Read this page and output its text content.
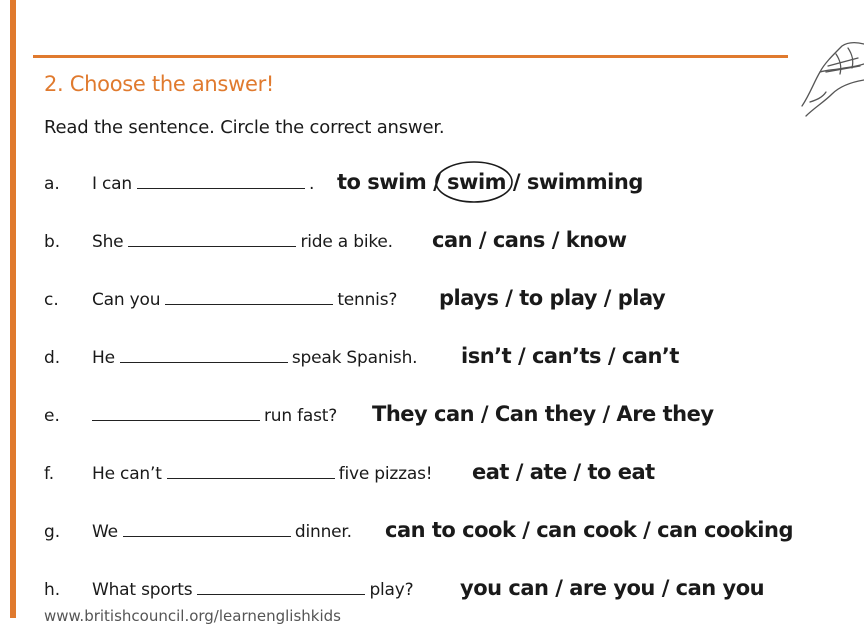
2. Choose the answer!
Read the sentence. Circle the correct answer.
a. I can	. to swim / swim / swimming
b. She	ride a bike. can / cans / know
c. Can you	tennis? plays / to play / play
d. He	speak Spanish. isn’t / can’ts / can’t
e.	run fast? They can / Can they / Are they
f. He can’t	five pizzas! eat / ate / to eat
g. We	dinner. can to cook / can cook / can cooking
h. What sports	play? you can / are you / can you
www.britishcouncil.org/learnenglishkids
